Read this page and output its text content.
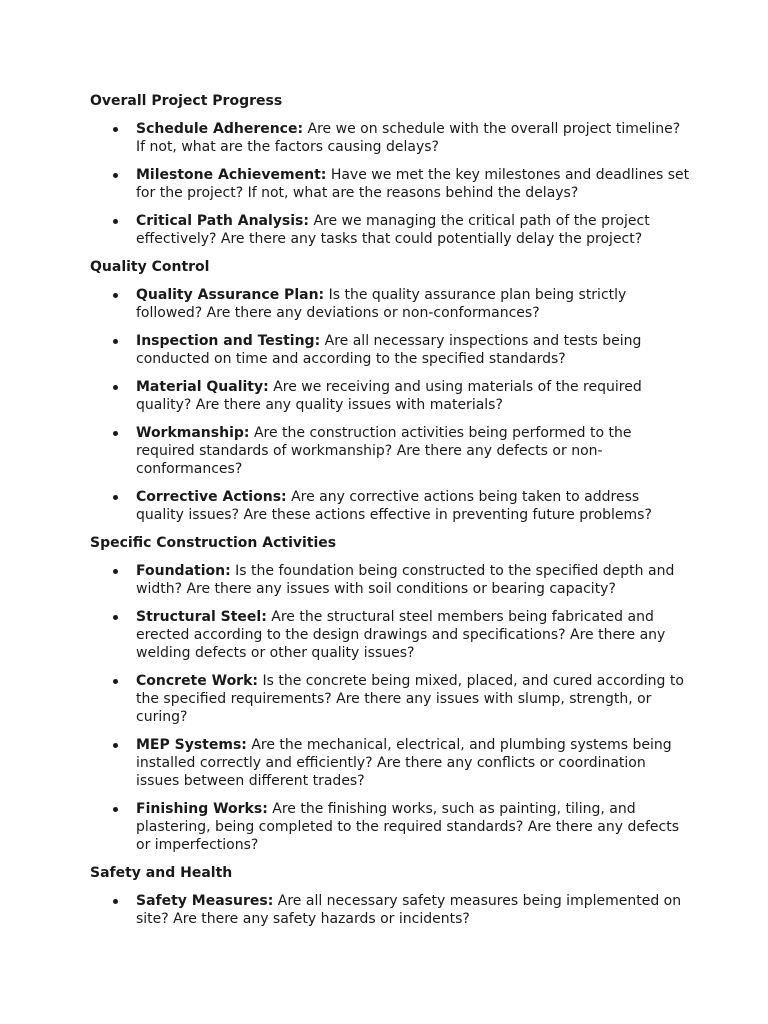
Overall Project Progress
Schedule Adherence: Are we on schedule with the overall project timeline? If not, what are the factors causing delays?
Milestone Achievement: Have we met the key milestones and deadlines set for the project? If not, what are the reasons behind the delays?
Critical Path Analysis: Are we managing the critical path of the project effectively? Are there any tasks that could potentially delay the project?
Quality Control
Quality Assurance Plan: Is the quality assurance plan being strictly followed? Are there any deviations or non-conformances?
Inspection and Testing: Are all necessary inspections and tests being conducted on time and according to the specified standards?
Material Quality: Are we receiving and using materials of the required quality? Are there any quality issues with materials?
Workmanship: Are the construction activities being performed to the required standards of workmanship? Are there any defects or non-conformances?
Corrective Actions: Are any corrective actions being taken to address quality issues? Are these actions effective in preventing future problems?
Specific Construction Activities
Foundation: Is the foundation being constructed to the specified depth and width? Are there any issues with soil conditions or bearing capacity?
Structural Steel: Are the structural steel members being fabricated and erected according to the design drawings and specifications? Are there any welding defects or other quality issues?
Concrete Work: Is the concrete being mixed, placed, and cured according to the specified requirements? Are there any issues with slump, strength, or curing?
MEP Systems: Are the mechanical, electrical, and plumbing systems being installed correctly and efficiently? Are there any conflicts or coordination issues between different trades?
Finishing Works: Are the finishing works, such as painting, tiling, and plastering, being completed to the required standards? Are there any defects or imperfections?
Safety and Health
Safety Measures: Are all necessary safety measures being implemented on site? Are there any safety hazards or incidents?
